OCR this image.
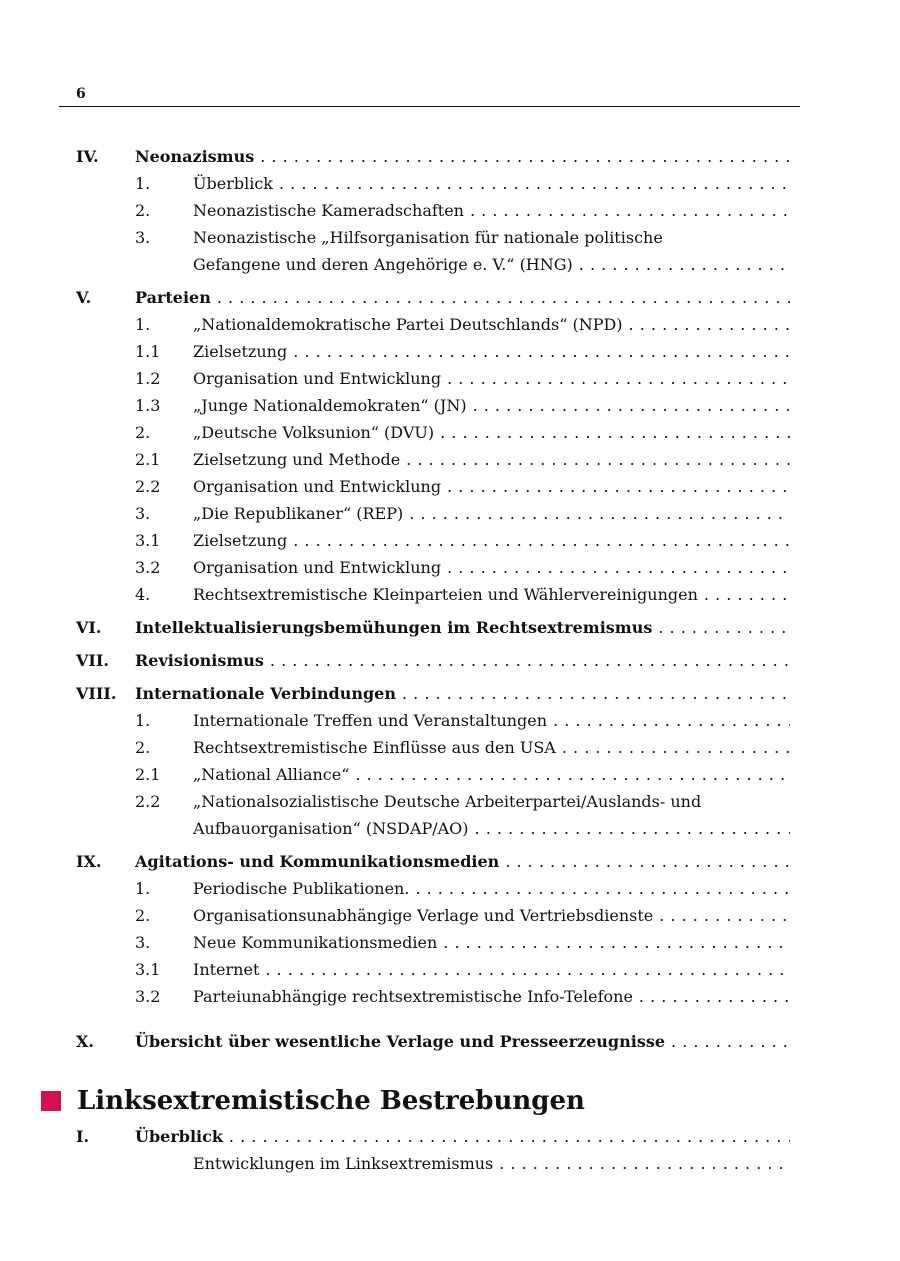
6
IV.	Neonazismus . . .
1.	Überblick . . .
2.	Neonazistische Kameradschaften . . .
3.	Neonazistische „Hilfsorganisation für nationale politische
Gefangene und deren Angehörige e. V.“ (HNG) . . .
V.	Parteien . . .
1.	„Nationaldemokratische Partei Deutschlands“ (NPD) . . .
1.1	Zielsetzung . . .
1.2	Organisation und Entwicklung . . .
1.3	„Junge Nationaldemokraten“ (JN) . . .
2.	„Deutsche Volksunion“ (DVU) . . .
2.1	Zielsetzung und Methode . . .
2.2	Organisation und Entwicklung . . .
3.	„Die Republikaner“ (REP) . . .
3.1	Zielsetzung . . .
3.2	Organisation und Entwicklung . . .
4.	Rechtsextremistische Kleinparteien und Wählervereinigungen . . .
VI.	Intellektualisierungsbemühungen im Rechtsextremismus . . .
VII.	Revisionismus . . .
VIII.	Internationale Verbindungen . . .
1.	Internationale Treffen und Veranstaltungen . . .
2.	Rechtsextremistische Einflüsse aus den USA . . .
2.1	„National Alliance“ . . .
2.2	„Nationalsozialistische Deutsche Arbeiterpartei/Auslands- und
Aufbauorganisation“ (NSDAP/AO) . . .
IX.	Agitations- und Kommunikationsmedien . . .
1.	Periodische Publikationen. . . .
2.	Organisationsunabhängige Verlage und Vertriebsdienste . . .
3.	Neue Kommunikationsmedien . . .
3.1	Internet . . .
3.2	Parteiunabhängige rechtsextremistische Info-Telefone . . .
X.	Übersicht über wesentliche Verlage und Presseerzeugnisse . . .
Linksextremistische Bestrebungen
I.	Überblick . . .
Entwicklungen im Linksextremismus . . .
